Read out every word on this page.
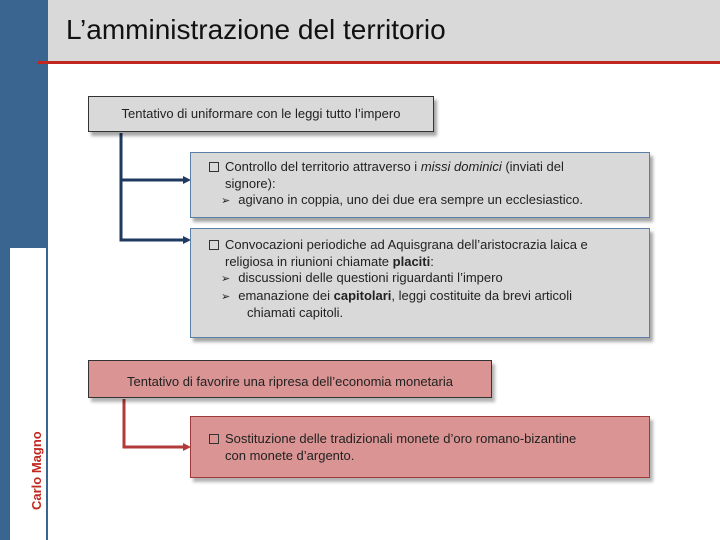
Carlo Magno
L’amministrazione del territorio
Tentativo di uniformare con le leggi tutto l’impero
Controllo del territorio attraverso i missi dominici (inviati del
signore):
➢ agivano in coppia, uno dei due era sempre un ecclesiastico.
Convocazioni periodiche ad Aquisgrana dell’aristocrazia laica e
religiosa in riunioni chiamate placiti:
➢ discussioni delle questioni riguardanti l’impero
➢ emanazione dei capitolari, leggi costituite da brevi articoli
chiamati capitoli.
Tentativo di favorire una ripresa dell’economia monetaria
Sostituzione delle tradizionali monete d’oro romano-bizantine
con monete d’argento.
